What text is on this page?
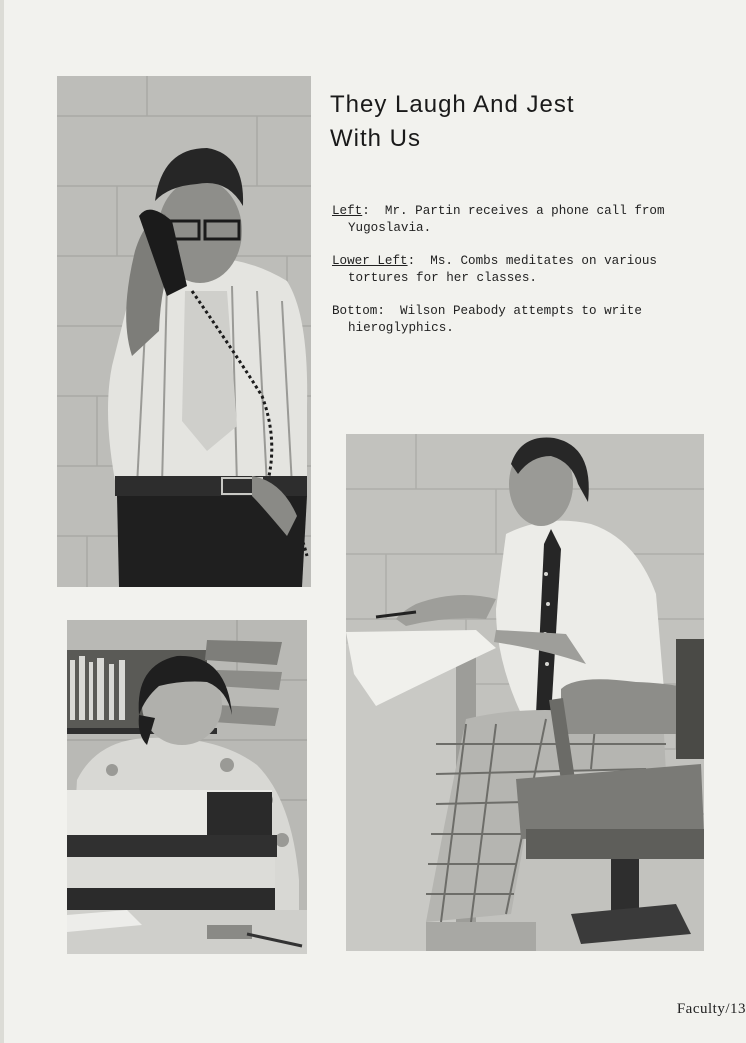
They Laugh And Jest
With Us

Left:  Mr. Partin receives a phone call from Yugoslavia.

Lower Left:  Ms. Combs meditates on various tortures for her classes.

Bottom:  Wilson Peabody attempts to write hieroglyphics.

Faculty/13
